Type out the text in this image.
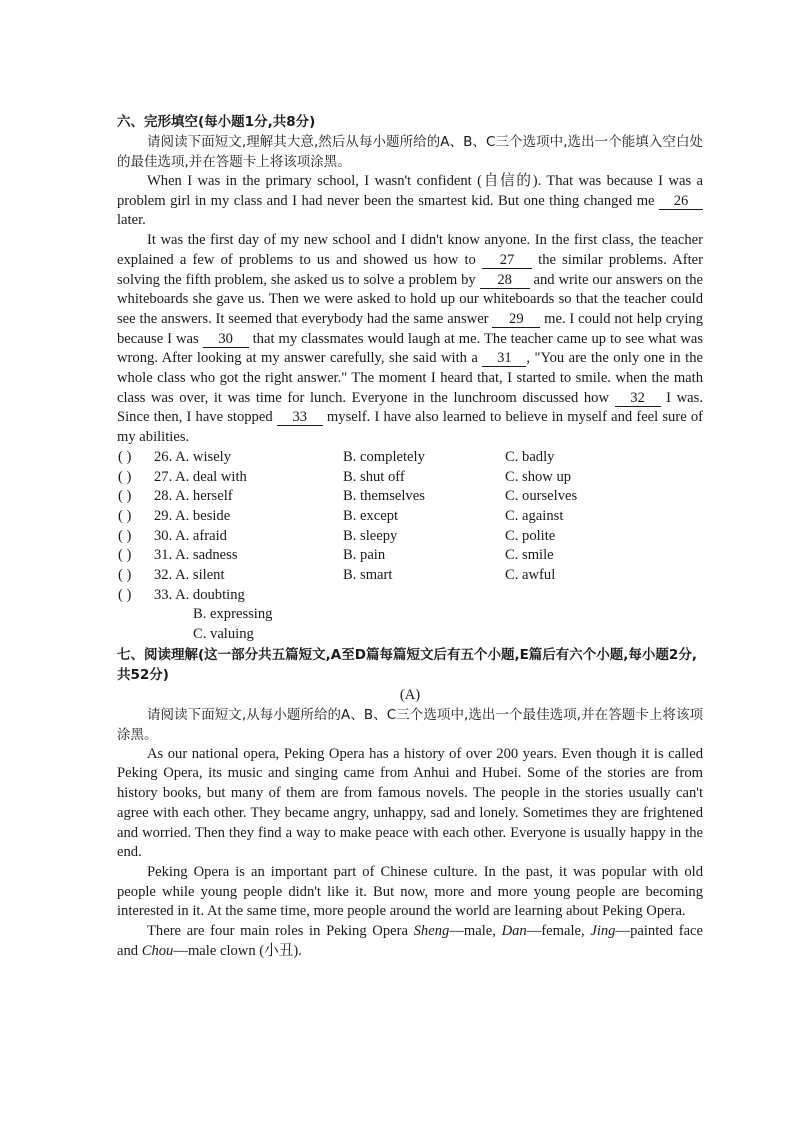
六、完形填空(每小题1分,共8分)

请阅读下面短文,理解其大意,然后从每小题所给的A、B、C三个选项中,选出一个能填入空白处的最佳选项,并在答题卡上将该项涂黑。

When I was in the primary school, I wasn't confident (自信的). That was because I was a problem girl in my class and I had never been the smartest kid. But one thing changed me 26 later.

It was the first day of my new school and I didn't know anyone. In the first class, the teacher explained a few of problems to us and showed us how to 27 the similar problems. After solving the fifth problem, she asked us to solve a problem by 28 and write our answers on the whiteboards she gave us. Then we were asked to hold up our whiteboards so that the teacher could see the answers. It seemed that everybody had the same answer 29 me. I could not help crying because I was 30 that my classmates would laugh at me. The teacher came up to see what was wrong. After looking at my answer carefully, she said with a 31 , "You are the only one in the whole class who got the right answer." The moment I heard that, I started to smile. when the math class was over, it was time for lunch. Everyone in the lunchroom discussed how 32 I was. Since then, I have stopped 33 myself. I have also learned to believe in myself and feel sure of my abilities.

( ) 26. A. wisely	B. completely	C. badly
( ) 27. A. deal with	B. shut off	C. show up
( ) 28. A. herself	B. themselves	C. ourselves
( ) 29. A. beside	B. except	C. against
( ) 30. A. afraid	B. sleepy	C. polite
( ) 31. A. sadness	B. pain	C. smile
( ) 32. A. silent	B. smart	C. awful
( ) 33. A. doubting
B. expressing
C. valuing

七、阅读理解(这一部分共五篇短文,A至D篇每篇短文后有五个小题,E篇后有六个小题,每小题2分,共52分)

(A)

请阅读下面短文,从每小题所给的A、B、C三个选项中,选出一个最佳选项,并在答题卡上将该项涂黑。

As our national opera, Peking Opera has a history of over 200 years. Even though it is called Peking Opera, its music and singing came from Anhui and Hubei. Some of the stories are from history books, but many of them are from famous novels. The people in the stories usually can't agree with each other. They became angry, unhappy, sad and lonely. Sometimes they are frightened and worried. Then they find a way to make peace with each other. Everyone is usually happy in the end.

Peking Opera is an important part of Chinese culture. In the past, it was popular with old people while young people didn't like it. But now, more and more young people are becoming interested in it. At the same time, more people around the world are learning about Peking Opera.

There are four main roles in Peking Opera Sheng—male, Dan—female, Jing—painted face and Chou—male clown (小丑).
